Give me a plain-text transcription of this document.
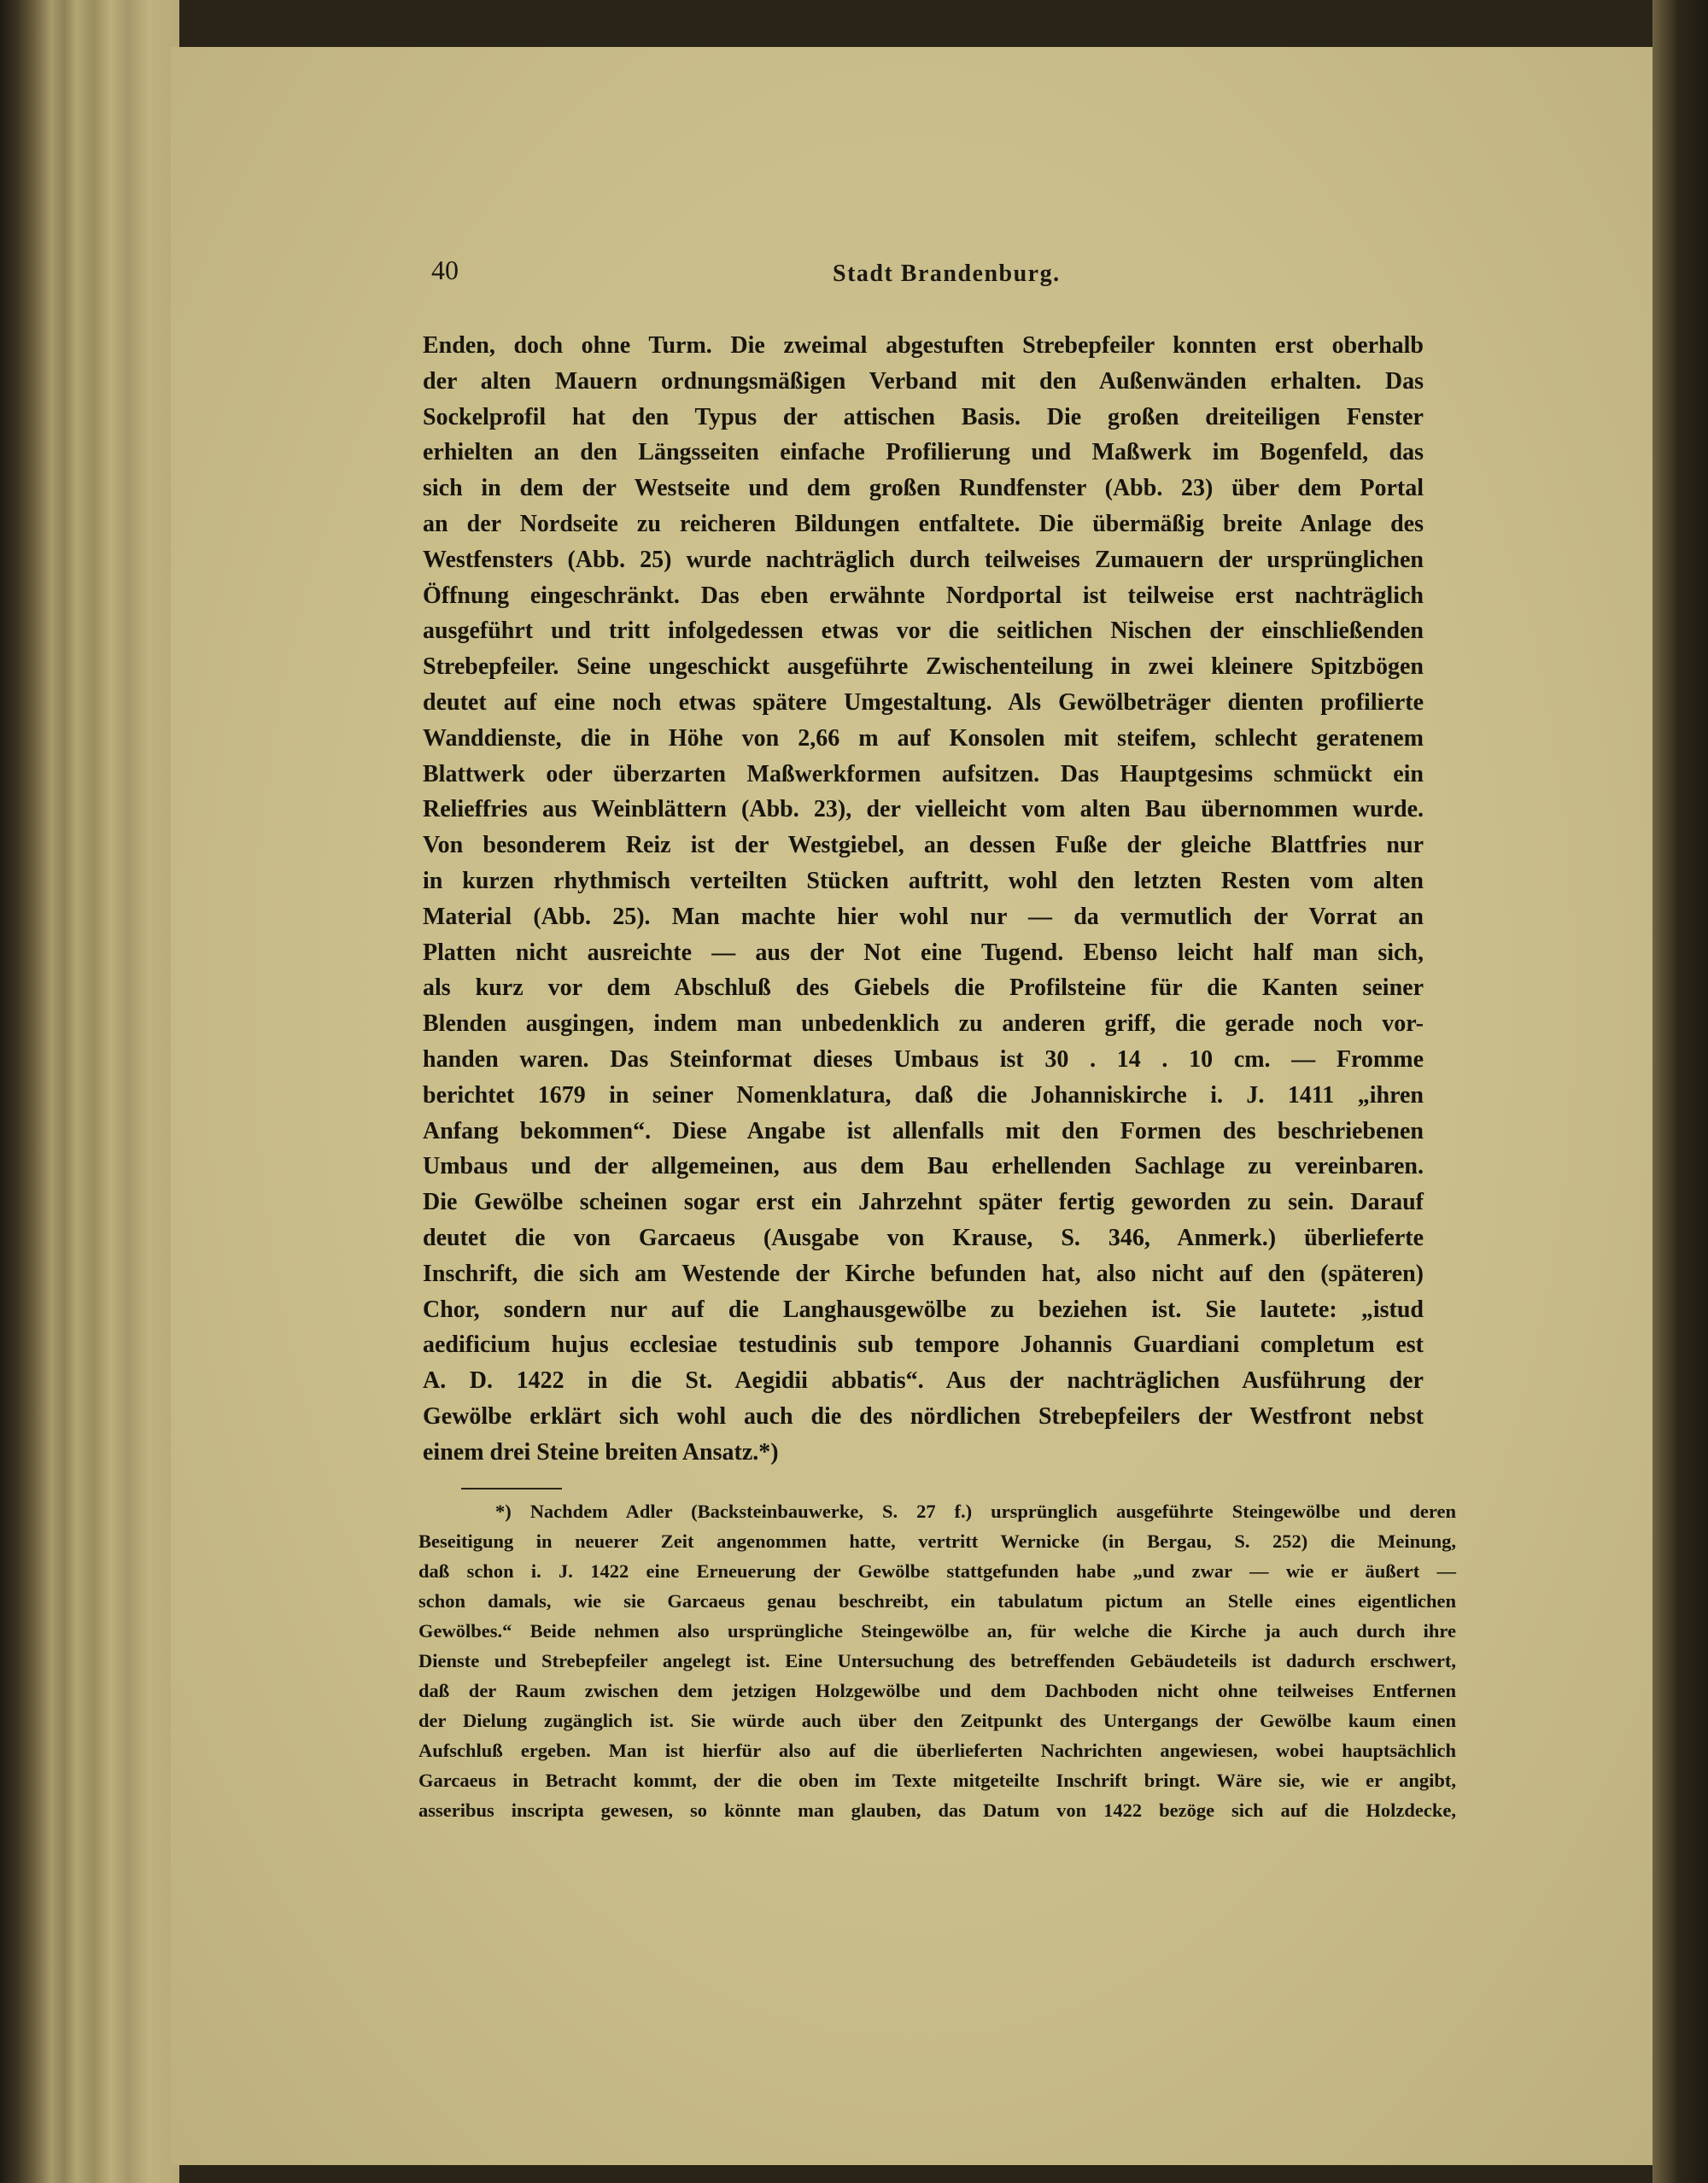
40	Stadt Brandenburg.
Enden, doch ohne Turm. Die zweimal abgestuften Strebepfeiler konnten erst oberhalb
der alten Mauern ordnungsmäßigen Verband mit den Außenwänden erhalten. Das
Sockelprofil hat den Typus der attischen Basis. Die großen dreiteiligen Fenster
erhielten an den Längsseiten einfache Profilierung und Maßwerk im Bogenfeld, das
sich in dem der Westseite und dem großen Rundfenster (Abb. 23) über dem Portal
an der Nordseite zu reicheren Bildungen entfaltete. Die übermäßig breite Anlage des
Westfensters (Abb. 25) wurde nachträglich durch teilweises Zumauern der ursprünglichen
Öffnung eingeschränkt. Das eben erwähnte Nordportal ist teilweise erst nachträglich
ausgeführt und tritt infolgedessen etwas vor die seitlichen Nischen der einschließenden
Strebepfeiler. Seine ungeschickt ausgeführte Zwischenteilung in zwei kleinere Spitzbögen
deutet auf eine noch etwas spätere Umgestaltung. Als Gewölbeträger dienten profilierte
Wanddienste, die in Höhe von 2,66 m auf Konsolen mit steifem, schlecht geratenem
Blattwerk oder überzarten Maßwerkformen aufsitzen. Das Hauptgesims schmückt ein
Relieffries aus Weinblättern (Abb. 23), der vielleicht vom alten Bau übernommen wurde.
Von besonderem Reiz ist der Westgiebel, an dessen Fuße der gleiche Blattfries nur
in kurzen rhythmisch verteilten Stücken auftritt, wohl den letzten Resten vom alten
Material (Abb. 25). Man machte hier wohl nur — da vermutlich der Vorrat an
Platten nicht ausreichte — aus der Not eine Tugend. Ebenso leicht half man sich,
als kurz vor dem Abschluß des Giebels die Profilsteine für die Kanten seiner
Blenden ausgingen, indem man unbedenklich zu anderen griff, die gerade noch vor-
handen waren. Das Steinformat dieses Umbaus ist 30 . 14 . 10 cm. — Fromme
berichtet 1679 in seiner Nomenklatura, daß die Johanniskirche i. J. 1411 „ihren
Anfang bekommen“. Diese Angabe ist allenfalls mit den Formen des beschriebenen
Umbaus und der allgemeinen, aus dem Bau erhellenden Sachlage zu vereinbaren.
Die Gewölbe scheinen sogar erst ein Jahrzehnt später fertig geworden zu sein. Darauf
deutet die von Garcaeus (Ausgabe von Krause, S. 346, Anmerk.) überlieferte
Inschrift, die sich am Westende der Kirche befunden hat, also nicht auf den (späteren)
Chor, sondern nur auf die Langhausgewölbe zu beziehen ist. Sie lautete: „istud
aedificium hujus ecclesiae testudinis sub tempore Johannis Guardiani completum est
A. D. 1422 in die St. Aegidii abbatis“. Aus der nachträglichen Ausführung der
Gewölbe erklärt sich wohl auch die des nördlichen Strebepfeilers der Westfront nebst
einem drei Steine breiten Ansatz.*)
*) Nachdem Adler (Backsteinbauwerke, S. 27 f.) ursprünglich ausgeführte Steingewölbe und deren
Beseitigung in neuerer Zeit angenommen hatte, vertritt Wernicke (in Bergau, S. 252) die Meinung,
daß schon i. J. 1422 eine Erneuerung der Gewölbe stattgefunden habe „und zwar — wie er äußert —
schon damals, wie sie Garcaeus genau beschreibt, ein tabulatum pictum an Stelle eines eigentlichen
Gewölbes.“ Beide nehmen also ursprüngliche Steingewölbe an, für welche die Kirche ja auch durch ihre
Dienste und Strebepfeiler angelegt ist. Eine Untersuchung des betreffenden Gebäudeteils ist dadurch erschwert,
daß der Raum zwischen dem jetzigen Holzgewölbe und dem Dachboden nicht ohne teilweises Entfernen
der Dielung zugänglich ist. Sie würde auch über den Zeitpunkt des Untergangs der Gewölbe kaum einen
Aufschluß ergeben. Man ist hierfür also auf die überlieferten Nachrichten angewiesen, wobei hauptsächlich
Garcaeus in Betracht kommt, der die oben im Texte mitgeteilte Inschrift bringt. Wäre sie, wie er angibt,
asseribus inscripta gewesen, so könnte man glauben, das Datum von 1422 bezöge sich auf die Holzdecke,
